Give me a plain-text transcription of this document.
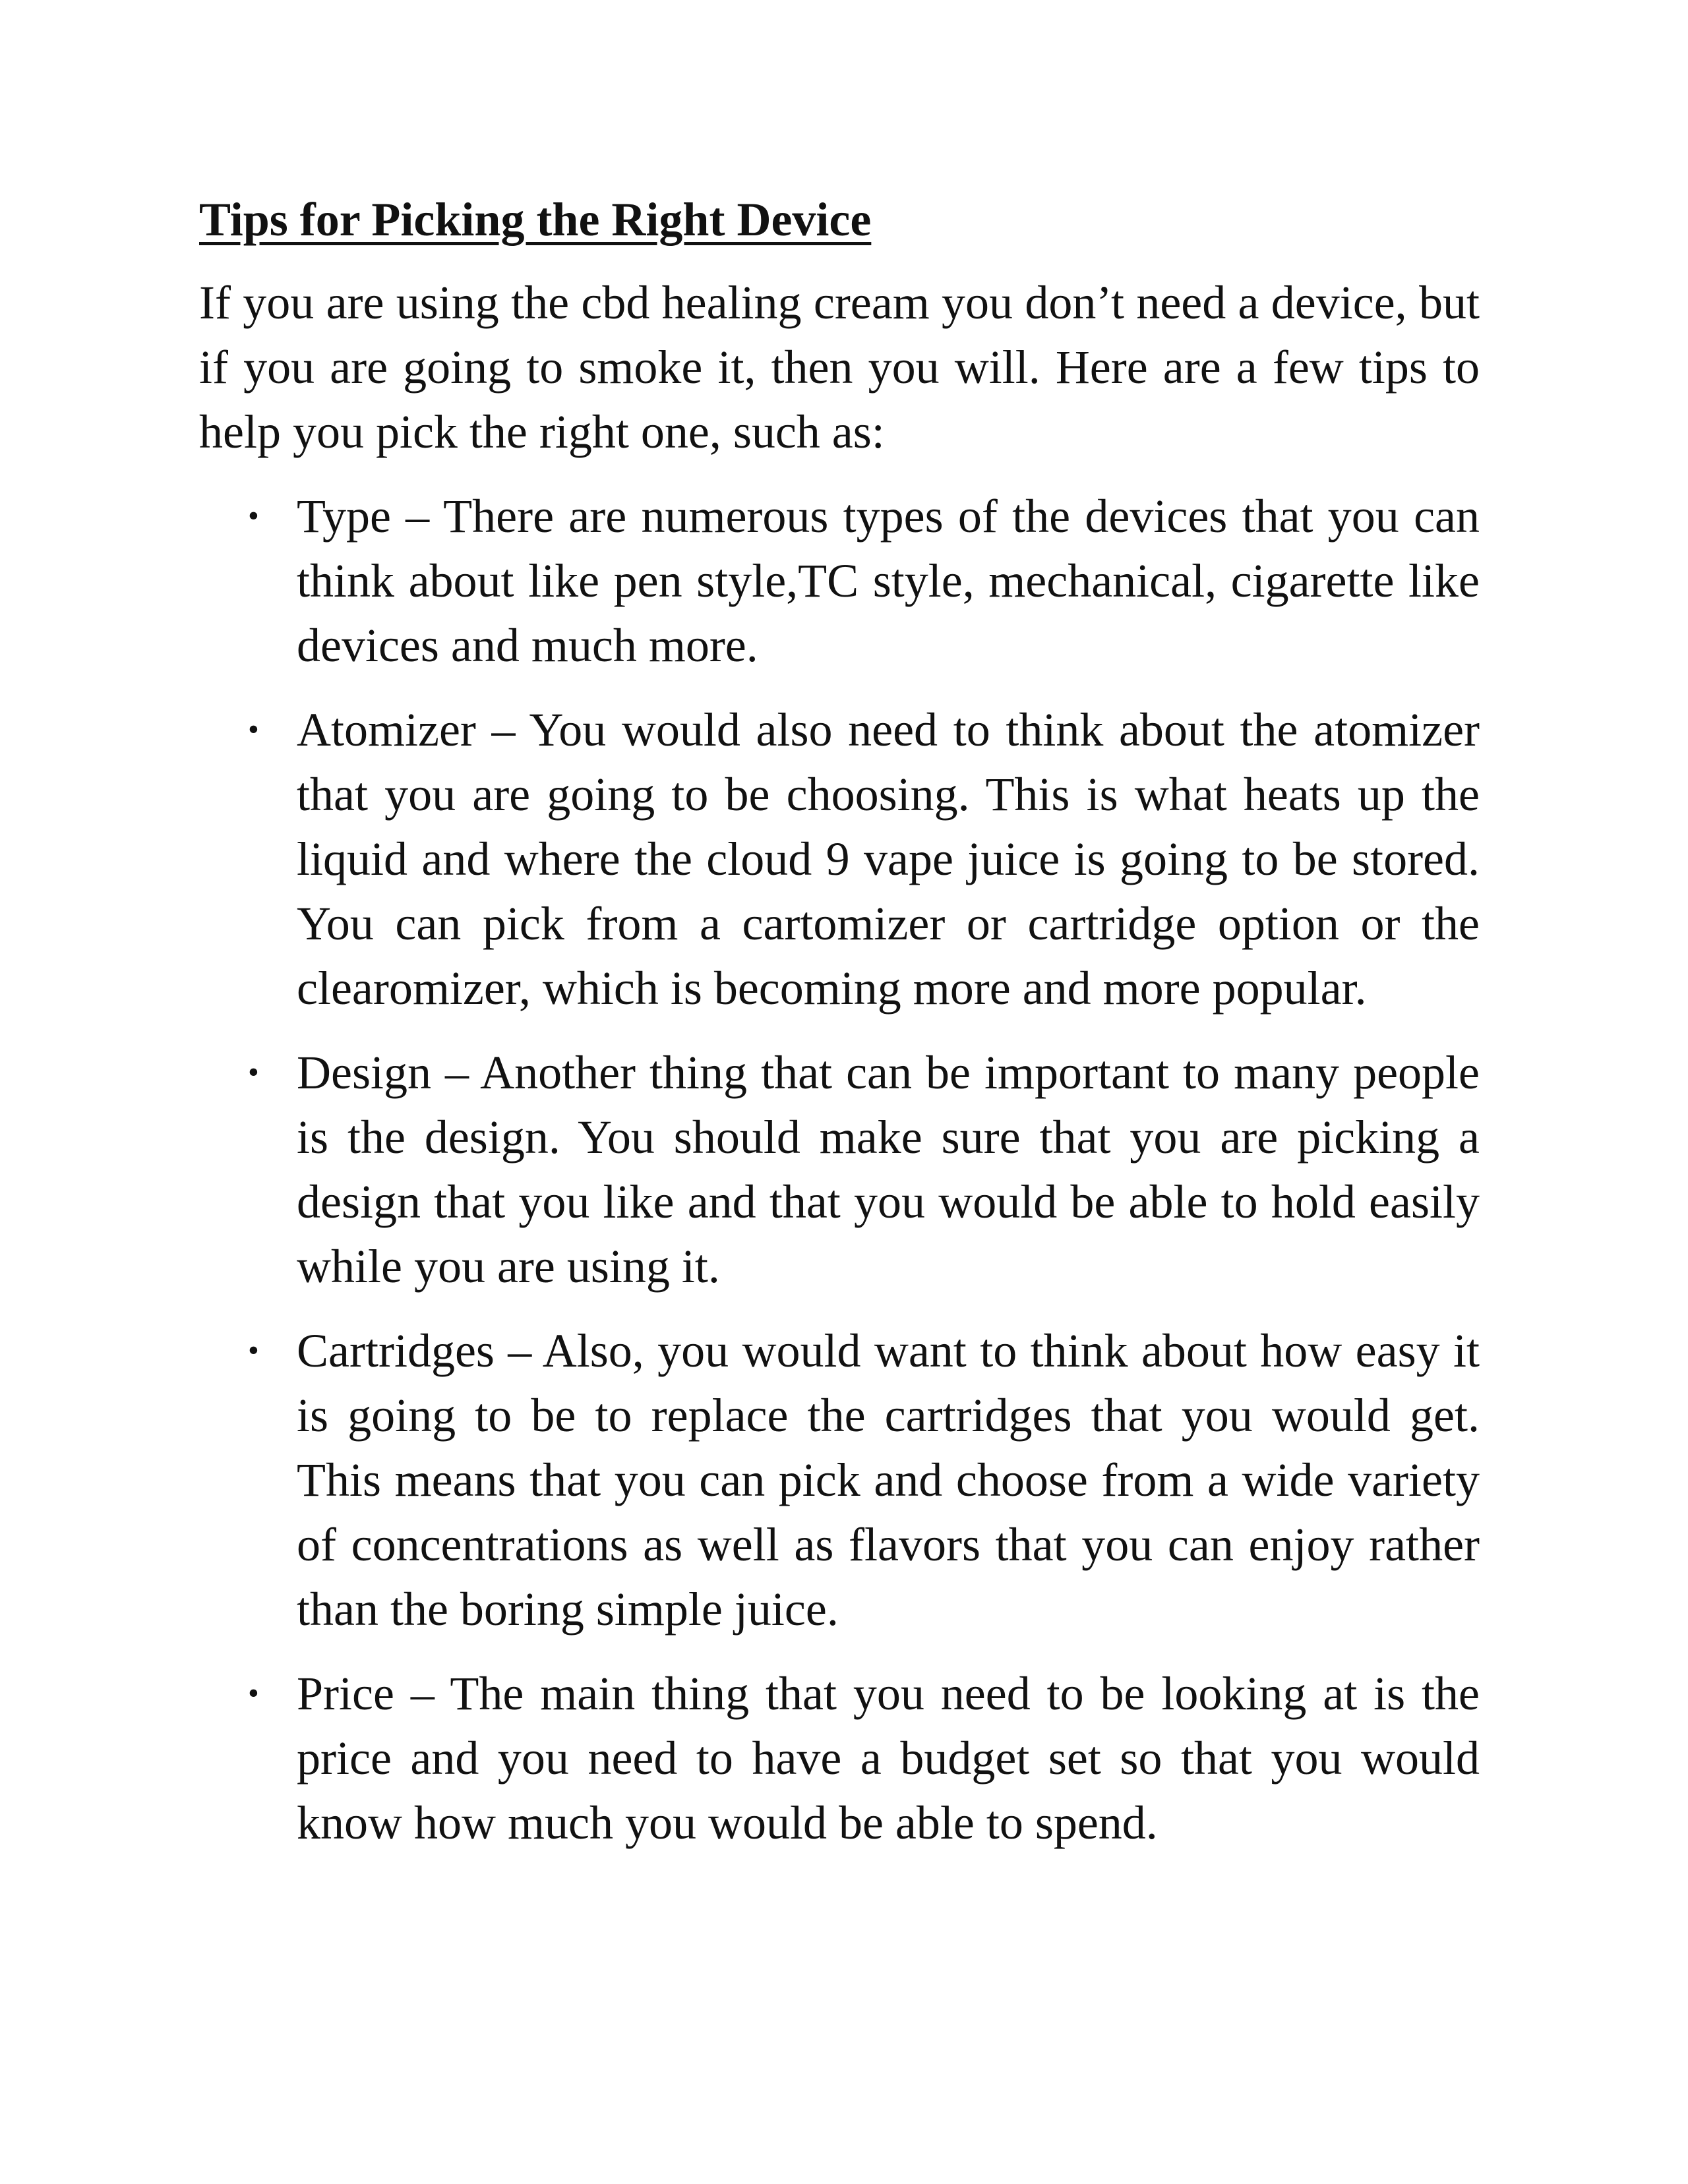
Tips for Picking the Right Device

If you are using the cbd healing cream you don’t need a device, but if you are going to smoke it, then you will. Here are a few tips to help you pick the right one, such as:

• Type – There are numerous types of the devices that you can think about like pen style,TC style, mechanical, cigarette like devices and much more.
• Atomizer – You would also need to think about the atomizer that you are going to be choosing. This is what heats up the liquid and where the cloud 9 vape juice is going to be stored. You can pick from a cartomizer or cartridge option or the clearomizer, which is becoming more and more popular.
• Design – Another thing that can be important to many people is the design. You should make sure that you are picking a design that you like and that you would be able to hold easily while you are using it.
• Cartridges – Also, you would want to think about how easy it is going to be to replace the cartridges that you would get. This means that you can pick and choose from a wide variety of concentrations as well as flavors that you can enjoy rather than the boring simple juice.
• Price – The main thing that you need to be looking at is the price and you need to have a budget set so that you would know how much you would be able to spend.
